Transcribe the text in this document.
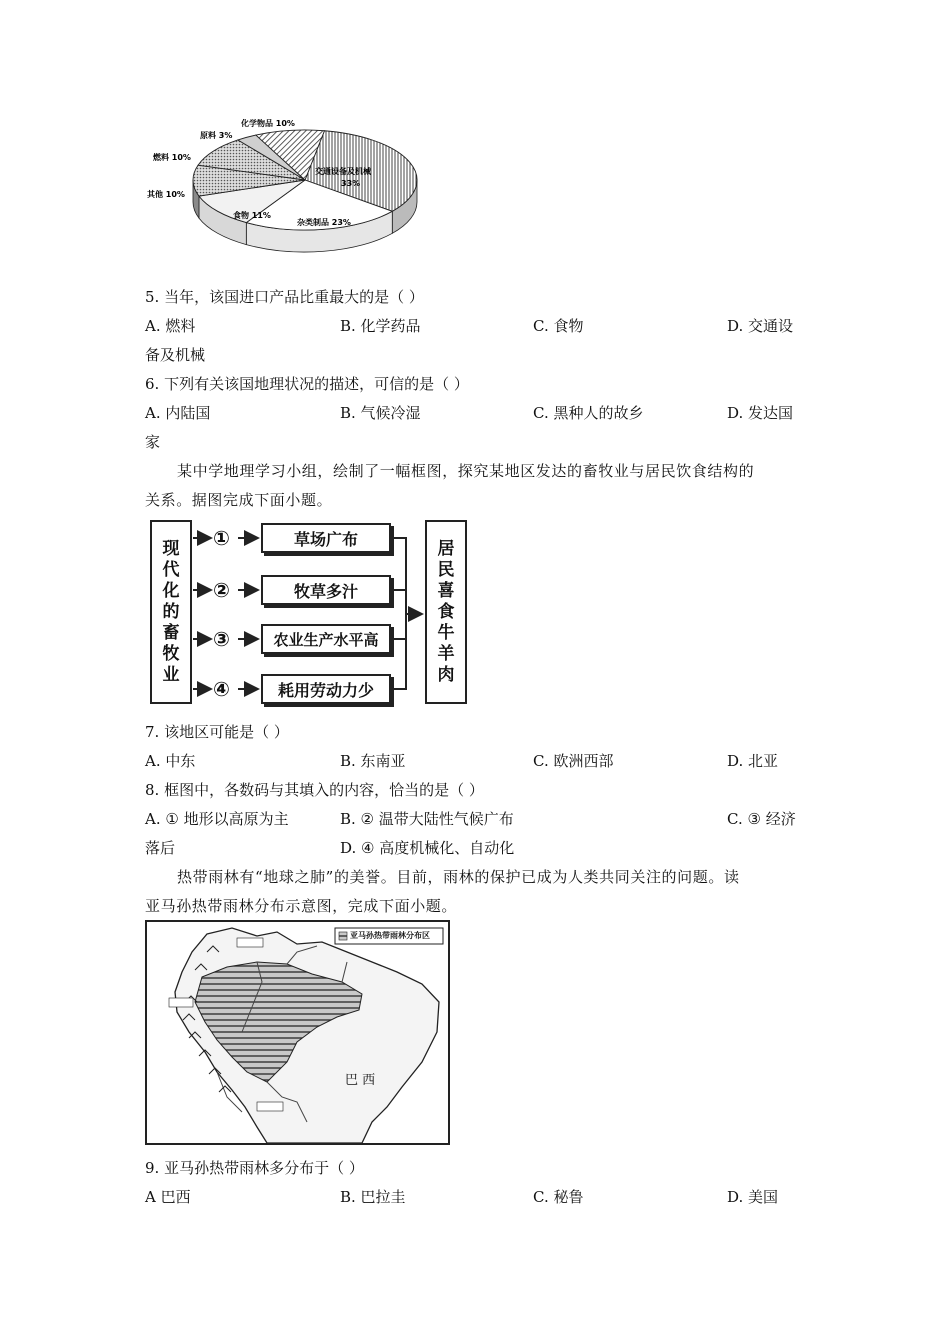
化学物品 10%
原料 3%
燃料 10%
其他 10%
食物 11%
杂类制品 23%
交通设备及机械
33%
5. 当年，该国进口产品比重最大的是（ ）
A. 燃料	B. 化学药品	C. 食物	D. 交通设
备及机械
6. 下列有关该国地理状况的描述，可信的是（ ）
A. 内陆国	B. 气候冷湿	C. 黑种人的故乡	D. 发达国
家
某中学地理学习小组，绘制了一幅框图，探究某地区发达的畜牧业与居民饮食结构的
关系。据图完成下面小题。
现
代
化
的
畜
牧
业
①
②
③
④
草场广布
牧草多汁
农业生产水平高
耗用劳动力少
居
民
喜
食
牛
羊
肉
7. 该地区可能是（ ）
A. 中东	B. 东南亚	C. 欧洲西部	D. 北亚
8. 框图中，各数码与其填入的内容，恰当的是（ ）
A. ① 地形以高原为主	B. ② 温带大陆性气候广布	C. ③ 经济
落后	D. ④ 高度机械化、自动化
热带雨林有“地球之肺”的美誉。目前，雨林的保护已成为人类共同关注的问题。读
亚马孙热带雨林分布示意图，完成下面小题。
亚马孙热带雨林分布区
巴 西
9. 亚马孙热带雨林多分布于（ ）
A 巴西	B. 巴拉圭	C. 秘鲁	D. 美国
